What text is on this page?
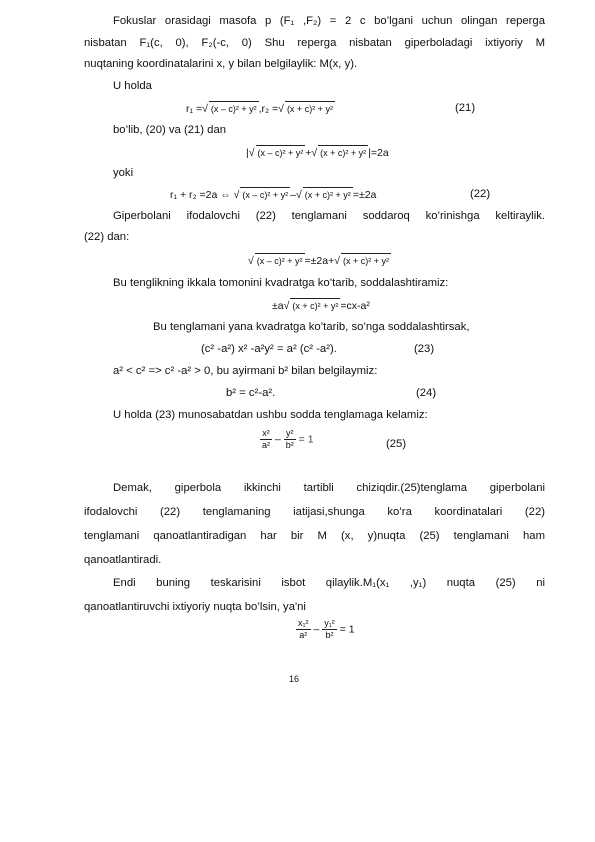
Fokuslar orasidagi masofa p (F₁ ,F₂) = 2 c bo’lgani uchun olingan reperga
nisbatan F₁(c, 0), F₂(-c, 0) Shu reperga nisbatan giperboladagi ixtiyoriy M
nuqtaning koordinatalarini x, y bilan belgilaylik: M(x, y).
U holda
r₁ =√ (x – c)² + y² ,r₂ =√ (x + c)² + y²	(21)
bo’lib, (20) va (21) dan
|√ (x – c)² + y² +√ (x + c)² + y² |=2a
yoki
r₁ + r₂ =2a ⇔ √ (x – c)² + y² –√ (x + c)² + y² =±2a	(22)
Giperbolani ifodalovchi (22) tenglamani soddaroq ko’rinishga keltiraylik.
(22) dan:
√ (x – c)² + y² =±2a+√ (x + c)² + y²
Bu tenglikning ikkala tomonini kvadratga ko’tarib, soddalashtiramiz:
±a√ (x + c)² + y² =cx-a²
Bu tenglamani yana kvadratga ko’tarib, so’nga soddalashtirsak,
(c² -a²) x² -a²y² = a² (c² -a²).	(23)
a² < c² => c² -a² > 0, bu ayirmani b² bilan belgilaymiz:
b² = c²-a².	(24)
U holda (23) munosabatdan ushbu sodda tenglamaga kelamiz:
$\frac{\text{x²}}{\text{a²}} - \frac{\text{y²}}{\text{b²}} = 1$	(25)
Demak, giperbola ikkinchi tartibli chiziqdir.(25)tenglama giperbolani
ifodalovchi (22) tenglamaning iatijasi,shunga ko’ra koordinatalari (22)
tenglamani qanoatlantiradigan har bir M (x, y)nuqta (25) tenglamani ham
qanoatlantiradi.
Endi buning teskarisini isbot qilaylik.M₁(x₁ ,y₁) nuqta (25) ni
qanoatlantiruvchi ixtiyoriy nuqta bo’lsin, ya'ni
$\frac{\text{x₁²}}{\text{a²}} - \frac{\text{y₁²}}{\text{b²}} = 1$
16
